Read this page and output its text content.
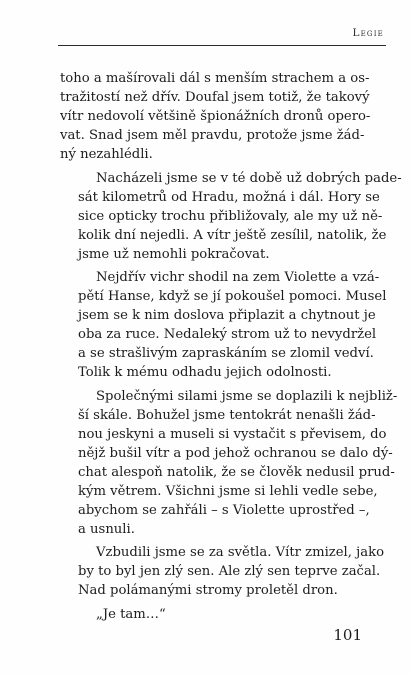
Legie

toho a mašírovali dál s menším strachem a os-
tražitostí než dřív. Doufal jsem totiž, že takový
vítr nedovolí většině špionážních dronů opero-
vat. Snad jsem měl pravdu, protože jsme žád-
ný nezahlédli.

Nacházeli jsme se v té době už dobrých pade-
sát kilometrů od Hradu, možná i dál. Hory se
sice opticky trochu přibližovaly, ale my už ně-
kolik dní nejedli. A vítr ještě zesílil, natolik, že
jsme už nemohli pokračovat.

Nejdřív vichr shodil na zem Violette a vzá-
pětí Hanse, když se jí pokoušel pomoci. Musel
jsem se k nim doslova připlazit a chytnout je
oba za ruce. Nedaleký strom už to nevydržel
a se strašlivým zapraskáním se zlomil vedví.
Tolik k mému odhadu jejich odolnosti.

Společnými silami jsme se doplazili k nejbliž-
ší skále. Bohužel jsme tentokrát nenašli žád-
nou jeskyni a museli si vystačit s převisem, do
nějž bušil vítr a pod jehož ochranou se dalo dý-
chat alespoň natolik, že se člověk nedusil prud-
kým větrem. Všichni jsme si lehli vedle sebe,
abychom se zahřáli – s Violette uprostřed –,
a usnuli.

Vzbudili jsme se za světla. Vítr zmizel, jako
by to byl jen zlý sen. Ale zlý sen teprve začal.
Nad polámanými stromy proletěl dron.

„Je tam…“

101
